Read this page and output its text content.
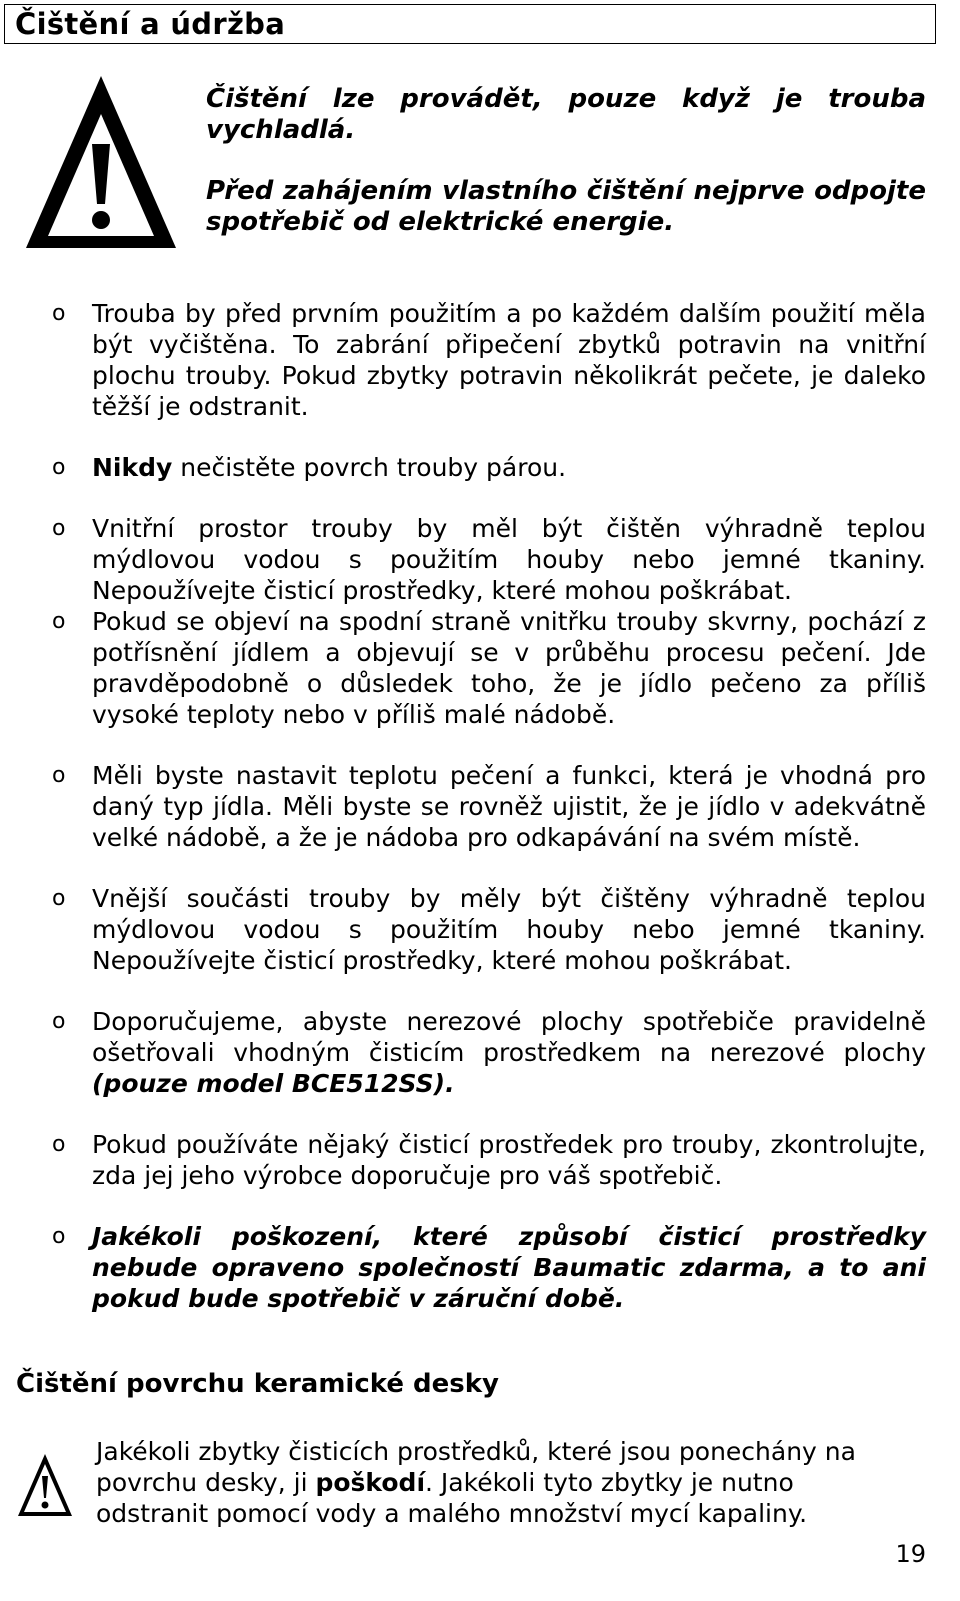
Čištění a údržba

Čištění lze provádět, pouze když je trouba vychladlá.

Před zahájením vlastního čištění nejprve odpojte spotřebič od elektrické energie.

o Trouba by před prvním použitím a po každém dalším použití měla být vyčištěna. To zabrání připečení zbytků potravin na vnitřní plochu trouby. Pokud zbytky potravin několikrát pečete, je daleko těžší je odstranit.
o Nikdy nečistěte povrch trouby párou.
o Vnitřní prostor trouby by měl být čištěn výhradně teplou mýdlovou vodou s použitím houby nebo jemné tkaniny. Nepoužívejte čisticí prostředky, které mohou poškrábat.
o Pokud se objeví na spodní straně vnitřku trouby skvrny, pochází z potřísnění jídlem a objevují se v průběhu procesu pečení. Jde pravděpodobně o důsledek toho, že je jídlo pečeno za příliš vysoké teploty nebo v příliš malé nádobě.
o Měli byste nastavit teplotu pečení a funkci, která je vhodná pro daný typ jídla. Měli byste se rovněž ujistit, že je jídlo v adekvátně velké nádobě, a že je nádoba pro odkapávání na svém místě.
o Vnější součásti trouby by měly být čištěny výhradně teplou mýdlovou vodou s použitím houby nebo jemné tkaniny. Nepoužívejte čisticí prostředky, které mohou poškrábat.
o Doporučujeme, abyste nerezové plochy spotřebiče pravidelně ošetřovali vhodným čisticím prostředkem na nerezové plochy (pouze model BCE512SS).
o Pokud používáte nějaký čisticí prostředek pro trouby, zkontrolujte, zda jej jeho výrobce doporučuje pro váš spotřebič.
o Jakékoli poškození, které způsobí čisticí prostředky nebude opraveno společností Baumatic zdarma, a to ani pokud bude spotřebič v záruční době.
Čištění povrchu keramické desky
Jakékoli zbytky čisticích prostředků, které jsou ponechány na povrchu desky, ji poškodí. Jakékoli tyto zbytky je nutno odstranit pomocí vody a malého množství mycí kapaliny.
19
